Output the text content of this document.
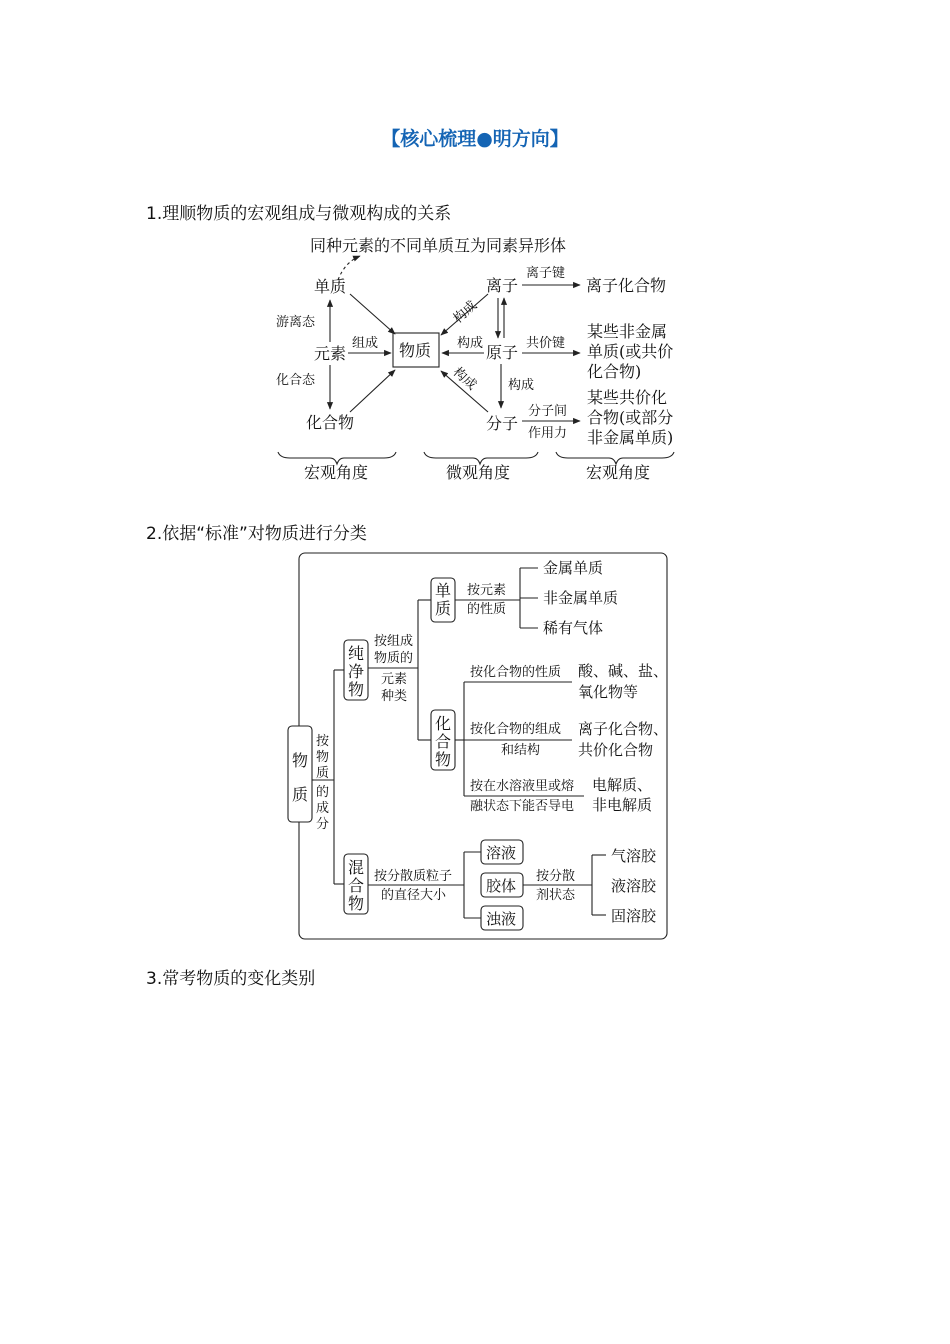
【核心梳理●明方向】
1.理顺物质的宏观组成与微观构成的关系
2.依据“标准”对物质进行分类
3.常考物质的变化类别
同种元素的不同单质互为同素异形体
单质
元素
化合物
游离态
化合态
物质
组成
离子
原子
分子
构成
构成
构成 构成
离子键
离子化合物
共价键
某些非金属
单质(或共价
化合物)
分子间
作用力
某些共价化
合物(或部分
非金属单质)
宏观角度	微观角度	宏观角度
物
质
按
物
质
的
成
分
纯
净
物
按组成
物质的
元素
种类
单
质
按元素
的性质
金属单质
非金属单质
稀有气体
化
合
物
按化合物的性质 酸、碱、盐、
氧化物等
按化合物的组成
和结构
离子化合物、
共价化合物
按在水溶液里或熔
融状态下能否导电
电解质、
非电解质
混
合
物
按分散质粒子
的直径大小
溶液
胶体
浊液
按分散
剂状态
气溶胶
液溶胶
固溶胶
